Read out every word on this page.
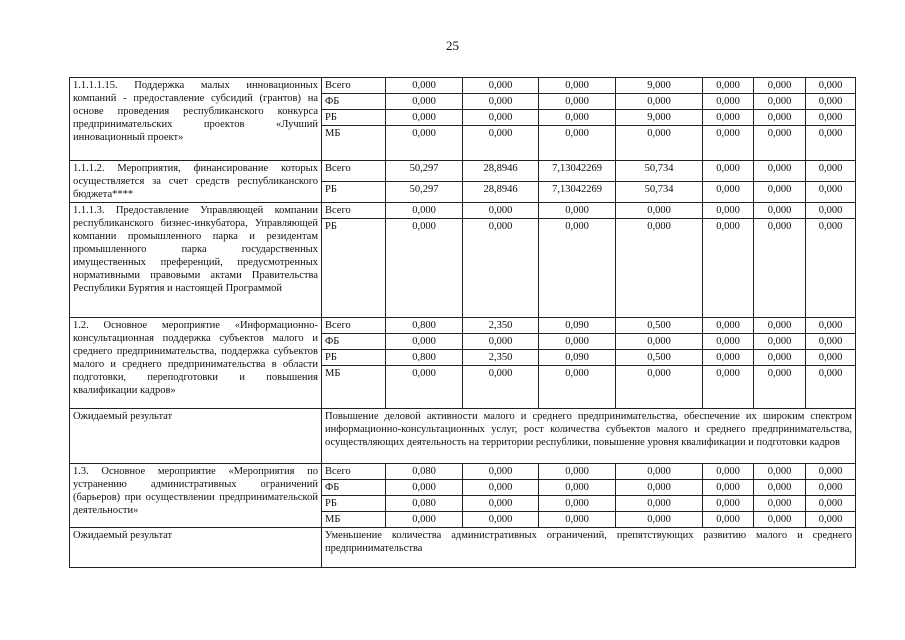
25
1.1.1.1.15. Поддержка малых инновационных компаний - предоставление субсидий (грантов) на основе проведения республиканского конкурса предпринимательских проектов «Лучший инновационный проект»	Всего	0,000	0,000	0,000	9,000	0,000	0,000	0,000
	ФБ	0,000	0,000	0,000	0,000	0,000	0,000	0,000
	РБ	0,000	0,000	0,000	9,000	0,000	0,000	0,000
	МБ	0,000	0,000	0,000	0,000	0,000	0,000	0,000
1.1.1.2. Мероприятия, финансирование которых осуществляется за счет средств республиканского бюджета****	Всего	50,297	28,8946	7,13042269	50,734	0,000	0,000	0,000
	РБ	50,297	28,8946	7,13042269	50,734	0,000	0,000	0,000
1.1.1.3. Предоставление Управляющей компании республиканского бизнес-инкубатора, Управляющей компании промышленного парка и резидентам промышленного парка государственных имущественных преференций, предусмотренных нормативными правовыми актами Правительства Республики Бурятия и настоящей Программой	Всего	0,000	0,000	0,000	0,000	0,000	0,000	0,000
	РБ	0,000	0,000	0,000	0,000	0,000	0,000	0,000
1.2. Основное мероприятие «Информационно-консультационная поддержка субъектов малого и среднего предпринимательства, поддержка субъектов малого и среднего предпринимательства в области подготовки, переподготовки и повышения квалификации кадров»	Всего	0,800	2,350	0,090	0,500	0,000	0,000	0,000
	ФБ	0,000	0,000	0,000	0,000	0,000	0,000	0,000
	РБ	0,800	2,350	0,090	0,500	0,000	0,000	0,000
	МБ	0,000	0,000	0,000	0,000	0,000	0,000	0,000
Ожидаемый результат	Повышение деловой активности малого и среднего предпринимательства, обеспечение их широким спектром информационно-консультационных услуг, рост количества субъектов малого и среднего предпринимательства, осуществляющих деятельность на территории республики, повышение уровня квалификации и подготовки кадров							
1.3. Основное мероприятие «Мероприятия по устранению административных ограничений (барьеров) при осуществлении предпринимательской деятельности»	Всего	0,080	0,000	0,000	0,000	0,000	0,000	0,000
	ФБ	0,000	0,000	0,000	0,000	0,000	0,000	0,000
	РБ	0,080	0,000	0,000	0,000	0,000	0,000	0,000
	МБ	0,000	0,000	0,000	0,000	0,000	0,000	0,000
Ожидаемый результат	Уменьшение количества административных ограничений, препятствующих развитию малого и среднего предпринимательства							
